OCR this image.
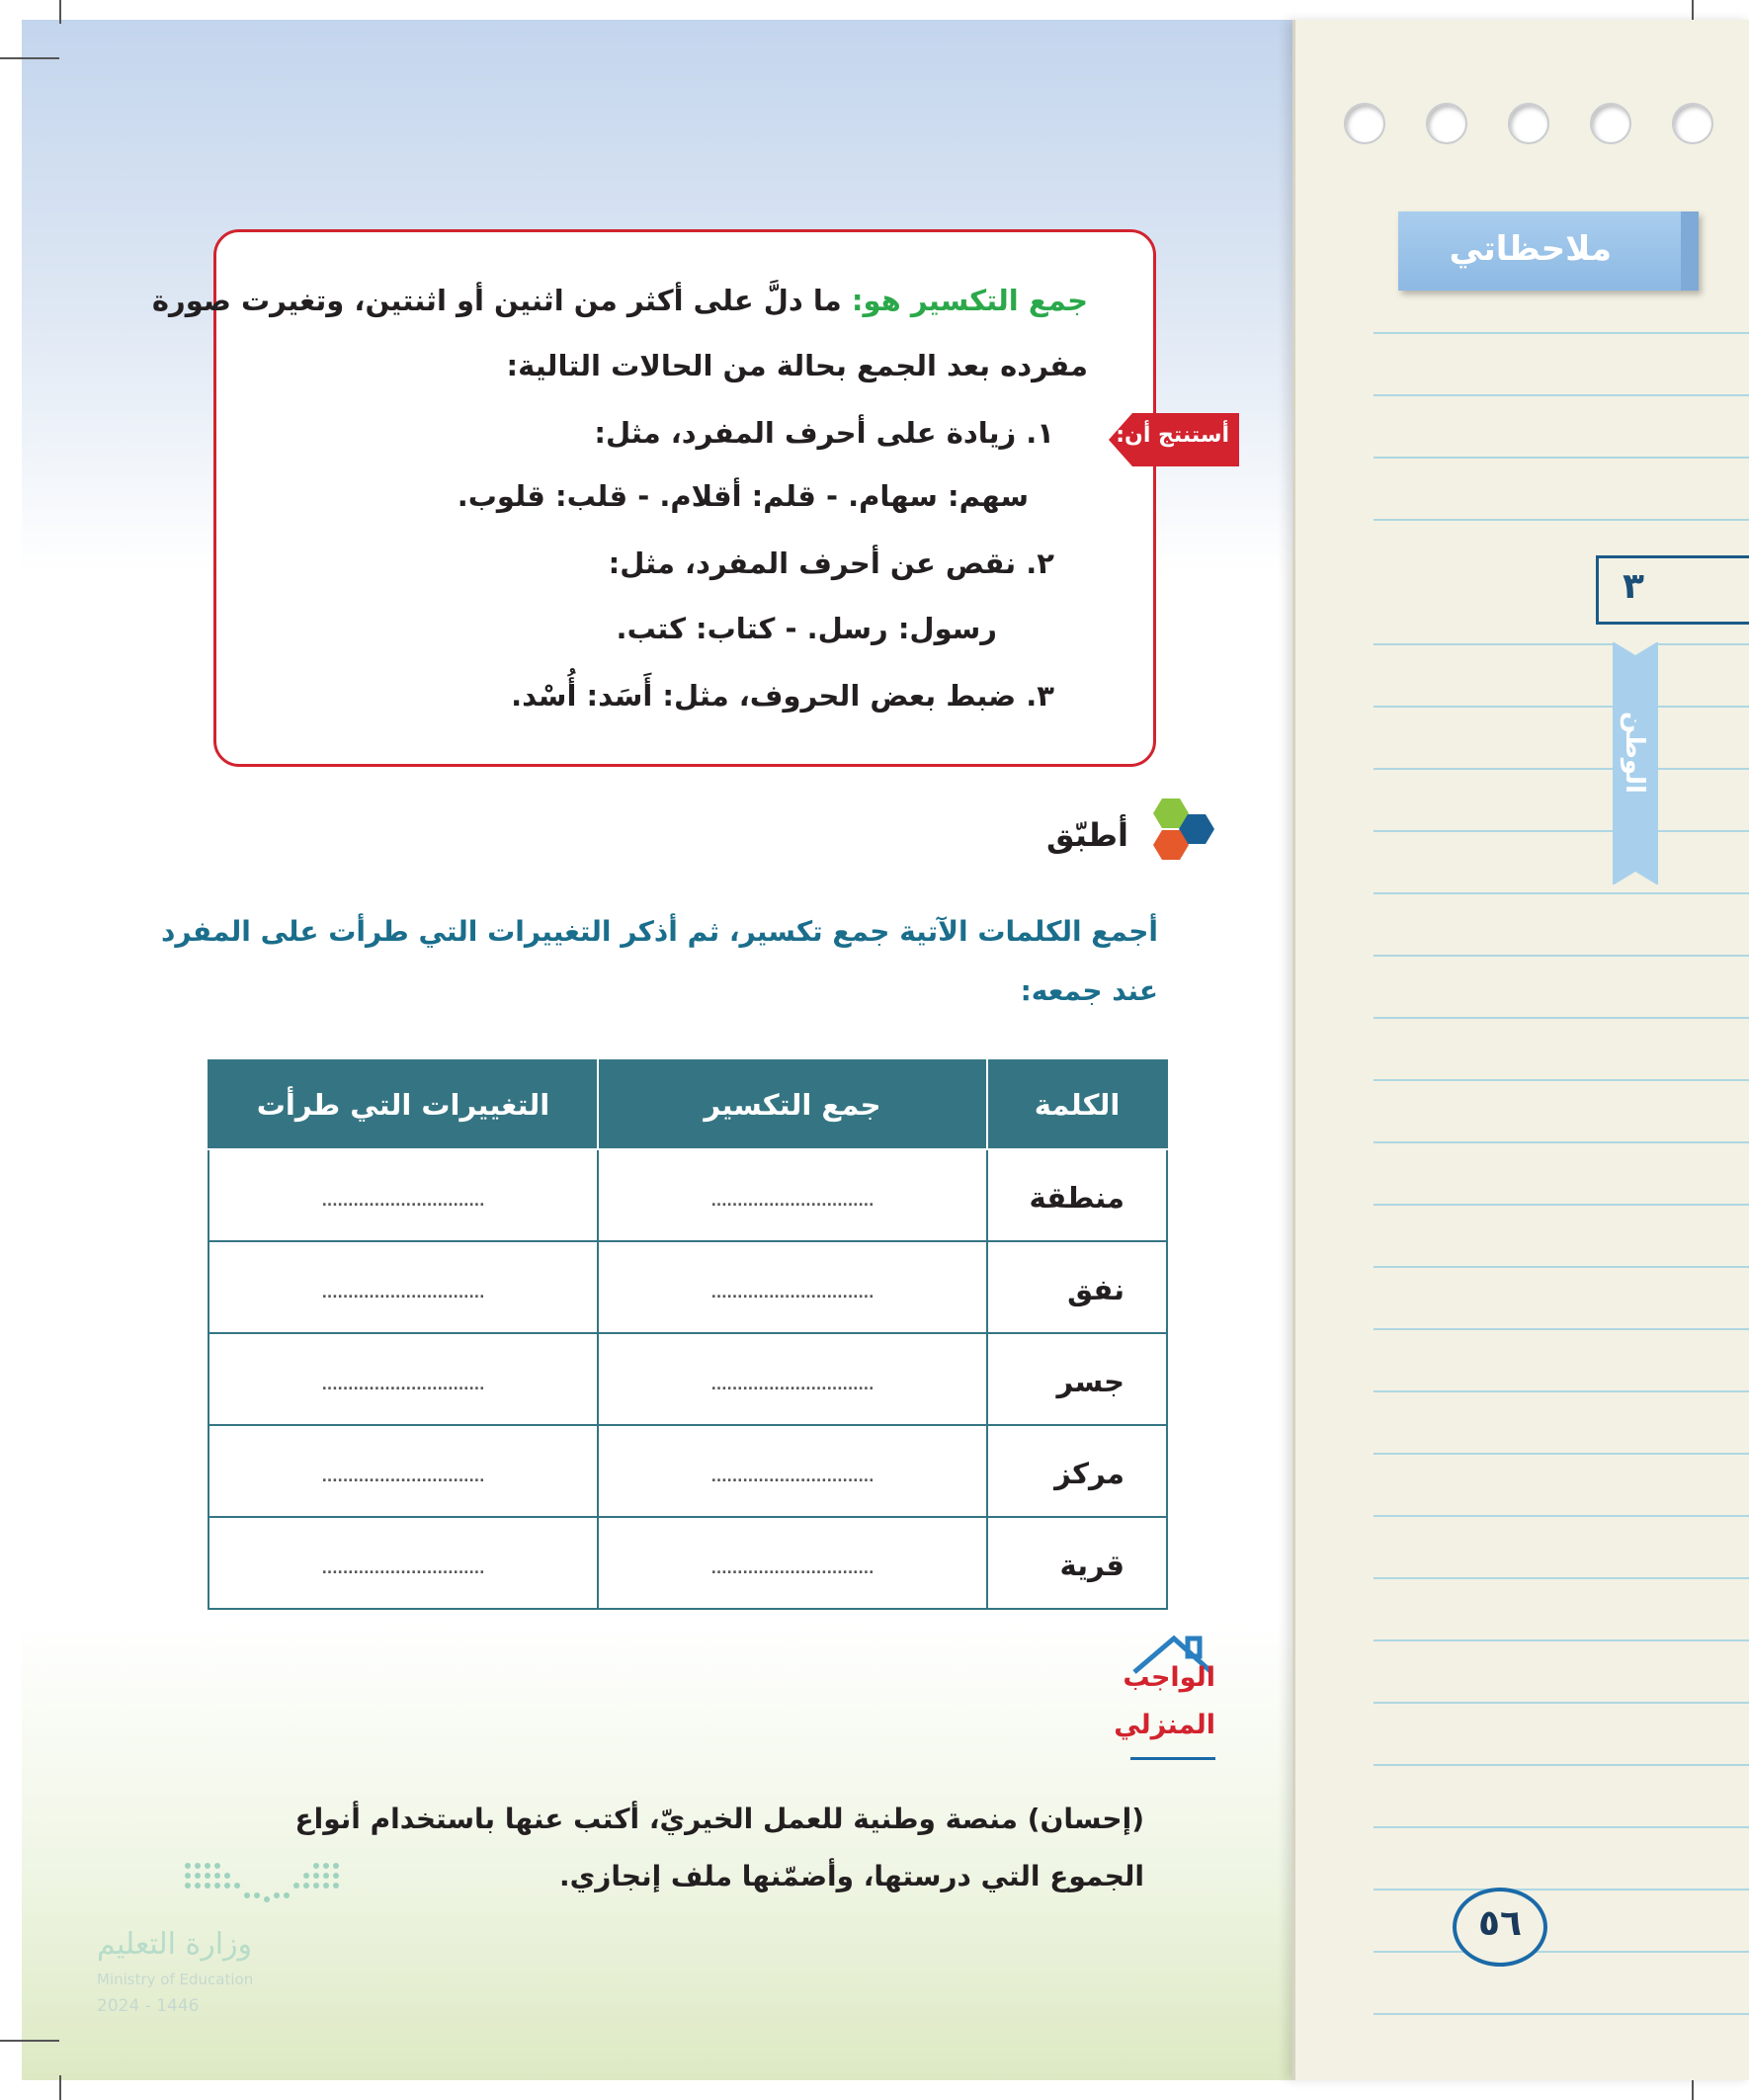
ملاحظاتي
٣
الوطن
٥٦
جمع التكسير هو: ما دلَّ على أكثر من اثنين أو اثنتين، وتغيرت صورة
مفرده بعد الجمع بحالة من الحالات التالية:
١. زيادة على أحرف المفرد، مثل:
سهم: سهام. - قلم: أقلام. - قلب: قلوب.
٢. نقص عن أحرف المفرد، مثل:
رسول: رسل. - كتاب: كتب.
٣. ضبط بعض الحروف، مثل: أَسَد: أُسْد.
أستنتج أن:
أطبّق
أجمع الكلمات الآتية جمع تكسير، ثم أذكر التغييرات التي طرأت على المفرد
عند جمعه:
الكلمة	جمع التكسير	التغييرات التي طرأت
منطقة	...............................	...............................
نفق	...............................	...............................
جسر	...............................	...............................
مركز	...............................	...............................
قرية	...............................	...............................
الواجب
المنزلي
(إحسان) منصة وطنية للعمل الخيريّ، أكتب عنها باستخدام أنواع
الجموع التي درستها، وأضمّنها ملف إنجازي.
وزارة التعليم
Ministry of Education
2024 - 1446
